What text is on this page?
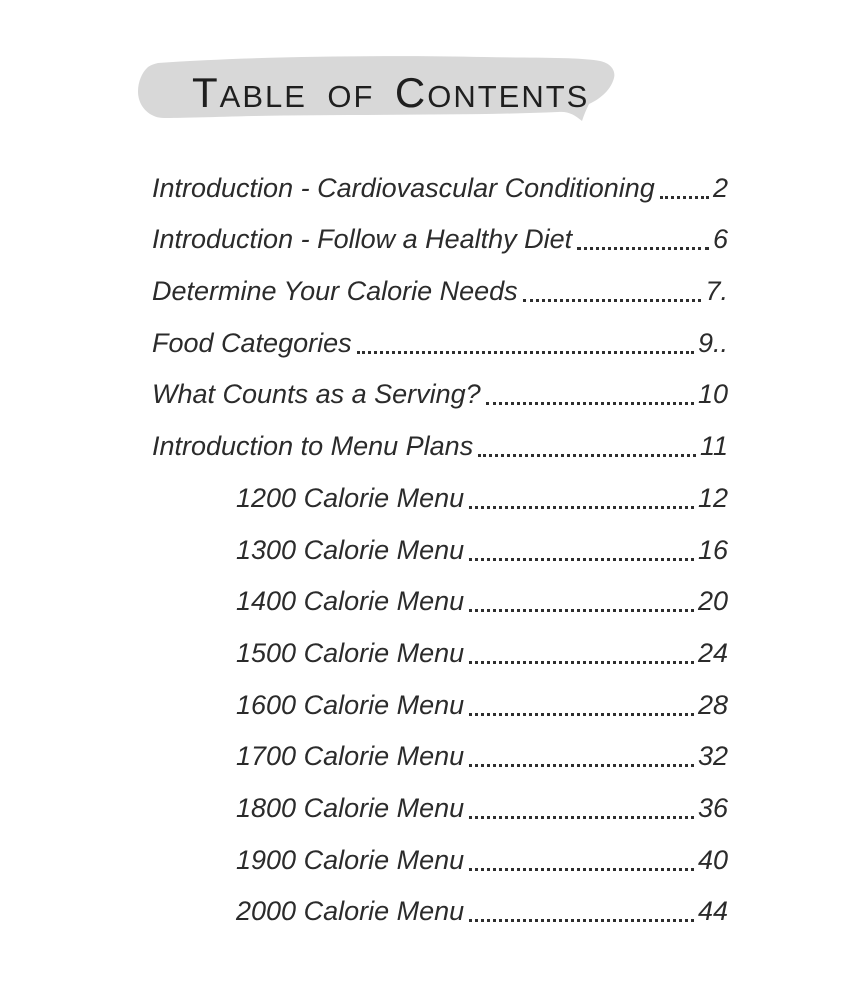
TABLE OF CONTENTS
Introduction - Cardiovascular Conditioning 2
Introduction - Follow a Healthy Diet	6
Determine Your Calorie Needs	7.
Food Categories	9..
What Counts as a Serving?	10
Introduction to Menu Plans	11
1200 Calorie Menu	12
1300 Calorie Menu	16
1400 Calorie Menu	20
1500 Calorie Menu	24
1600 Calorie Menu	28
1700 Calorie Menu	32
1800 Calorie Menu	36
1900 Calorie Menu	40
2000 Calorie Menu	44
